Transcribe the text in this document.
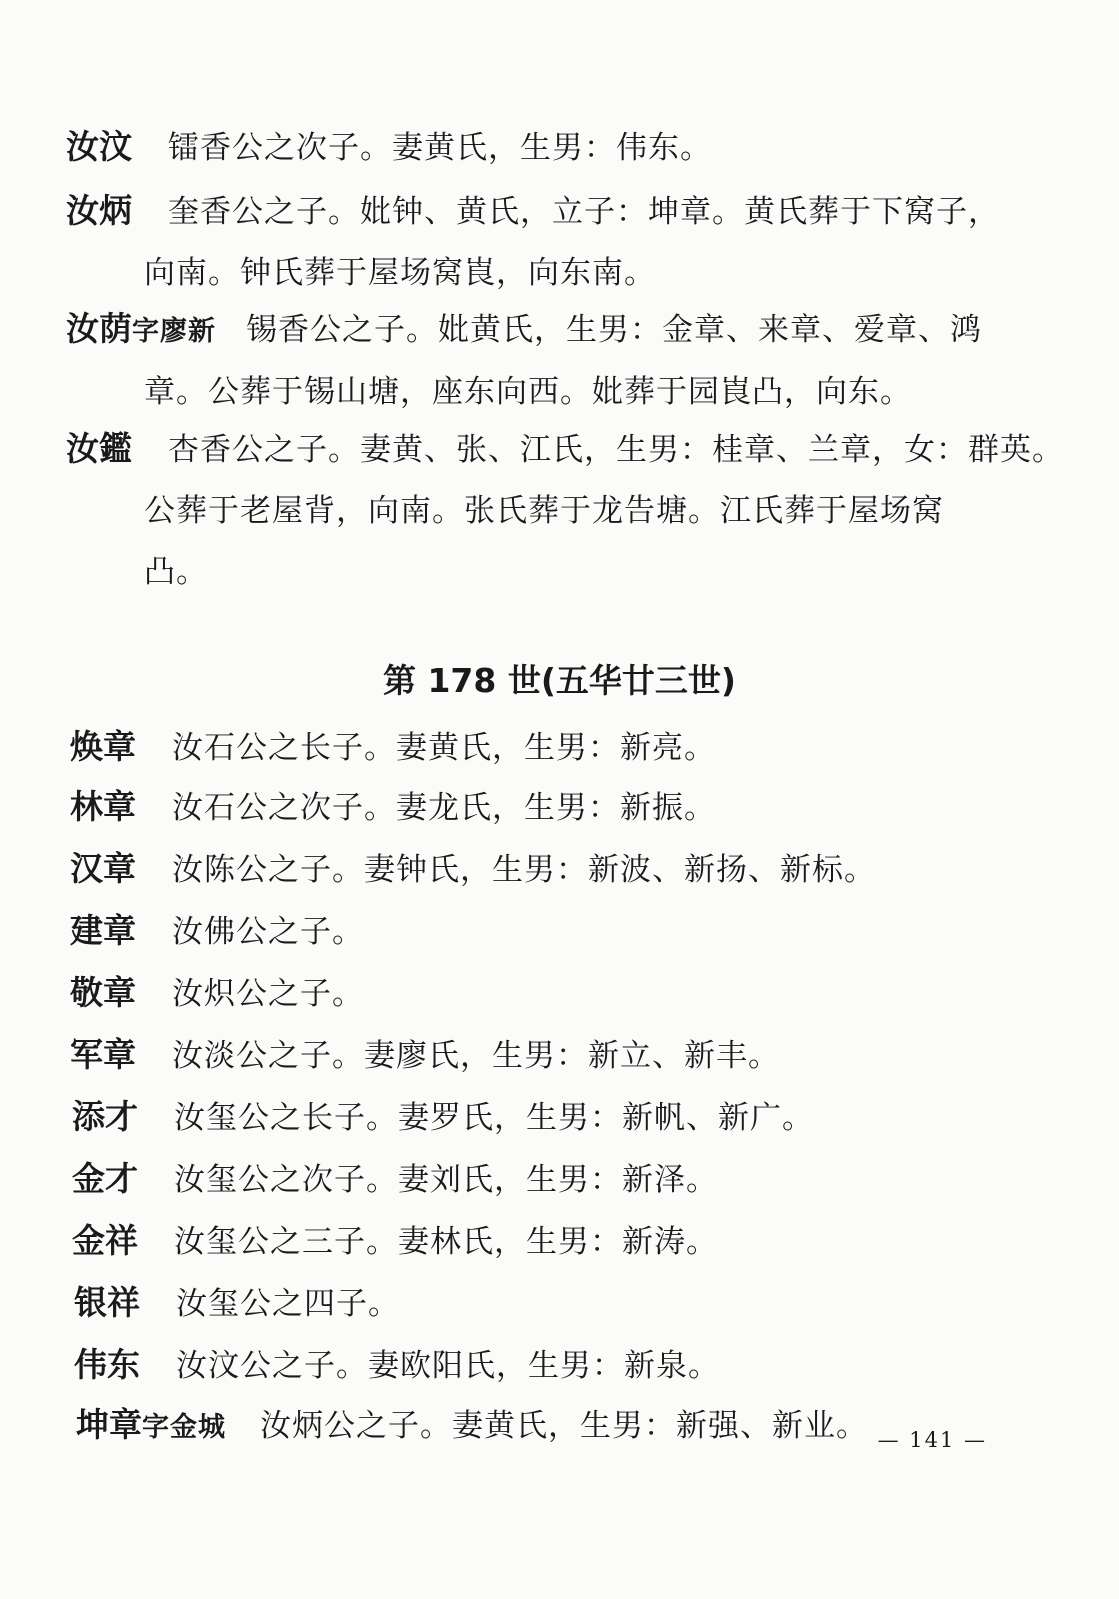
汝汶 镭香公之次子。妻黄氏，生男：伟东。
汝炳 奎香公之子。妣钟、黄氏，立子：坤章。黄氏葬于下窝子，
向南。钟氏葬于屋场窝崀，向东南。
汝荫字廖新 锡香公之子。妣黄氏，生男：金章、来章、爱章、鸿
章。公葬于锡山塘，座东向西。妣葬于园崀凸，向东。
汝鑑 杏香公之子。妻黄、张、江氏，生男：桂章、兰章，女：群英。
公葬于老屋背，向南。张氏葬于龙告塘。江氏葬于屋场窝
凸。
第 178 世(五华廿三世)
焕章 汝石公之长子。妻黄氏，生男：新亮。
林章 汝石公之次子。妻龙氏，生男：新振。
汉章 汝陈公之子。妻钟氏，生男：新波、新扬、新标。
建章 汝佛公之子。
敬章 汝炽公之子。
军章 汝淡公之子。妻廖氏，生男：新立、新丰。
添才 汝玺公之长子。妻罗氏，生男：新帆、新广。
金才 汝玺公之次子。妻刘氏，生男：新泽。
金祥 汝玺公之三子。妻林氏，生男：新涛。
银祥 汝玺公之四子。
伟东 汝汶公之子。妻欧阳氏，生男：新泉。
坤章字金城 汝炳公之子。妻黄氏，生男：新强、新业。 — 141 —
